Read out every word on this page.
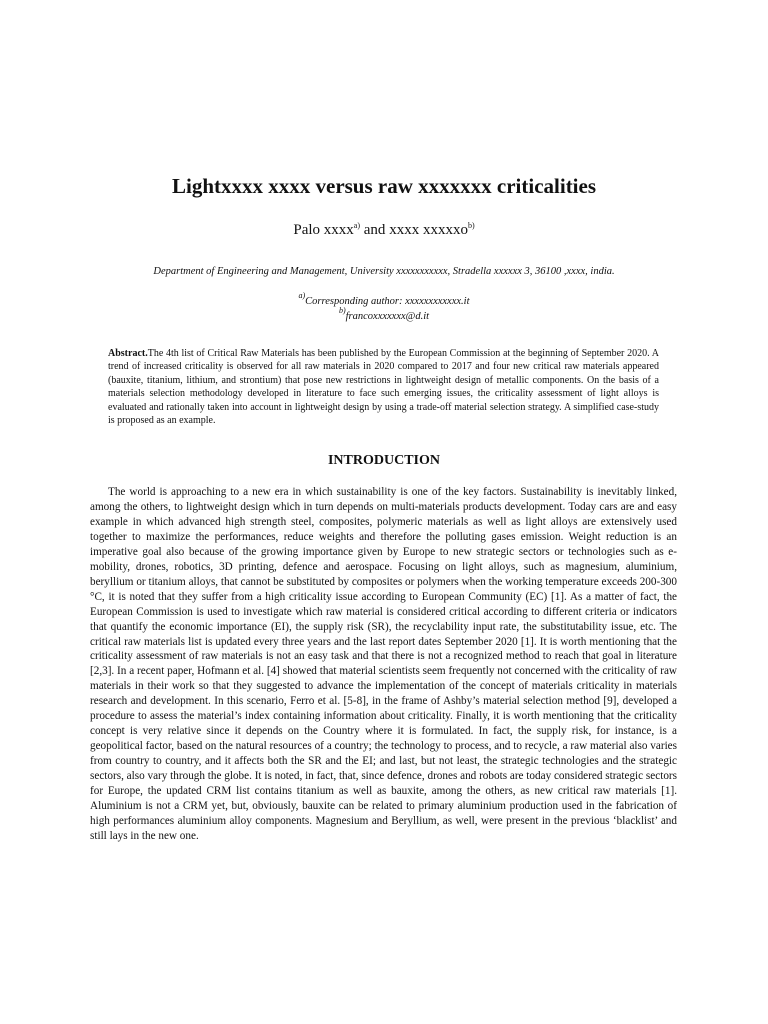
Lightxxxx xxxx versus raw xxxxxxx criticalities
Palo xxxx$^{a)}$ and xxxx xxxxxo$^{b)}$
Department of Engineering and Management, University xxxxxxxxxxx, Stradella xxxxxx 3, 36100 ,xxxx, india.
$^{a)}$Corresponding author: xxxxxxxxxxxx.it
$^{b)}$francoxxxxxxx@d.it
Abstract.The 4th list of Critical Raw Materials has been published by the European Commission at the beginning of September 2020. A trend of increased criticality is observed for all raw materials in 2020 compared to 2017 and four new critical raw materials appeared (bauxite, titanium, lithium, and strontium) that pose new restrictions in lightweight design of metallic components. On the basis of a materials selection methodology developed in literature to face such emerging issues, the criticality assessment of light alloys is evaluated and rationally taken into account in lightweight design by using a trade-off material selection strategy. A simplified case-study is proposed as an example.
INTRODUCTION

The world is approaching to a new era in which sustainability is one of the key factors. Sustainability is inevitably linked, among the others, to lightweight design which in turn depends on multi-materials products development. Today cars are and easy example in which advanced high strength steel, composites, polymeric materials as well as light alloys are extensively used together to maximize the performances, reduce weights and therefore the polluting gases emission. Weight reduction is an imperative goal also because of the growing importance given by Europe to new strategic sectors or technologies such as e-mobility, drones, robotics, 3D printing, defence and aerospace. Focusing on light alloys, such as magnesium, aluminium, beryllium or titanium alloys, that cannot be substituted by composites or polymers when the working temperature exceeds 200-300 °C, it is noted that they suffer from a high criticality issue according to European Community (EC) [1]. As a matter of fact, the European Commission is used to investigate which raw material is considered critical according to different criteria or indicators that quantify the economic importance (EI), the supply risk (SR), the recyclability input rate, the substitutability issue, etc. The critical raw materials list is updated every three years and the last report dates September 2020 [1]. It is worth mentioning that the criticality assessment of raw materials is not an easy task and that there is not a recognized method to reach that goal in literature [2,3]. In a recent paper, Hofmann et al. [4] showed that material scientists seem frequently not concerned with the criticality of raw materials in their work so that they suggested to advance the implementation of the concept of materials criticality in materials research and development. In this scenario, Ferro et al. [5-8], in the frame of Ashby’s material selection method [9], developed a procedure to assess the material’s index containing information about criticality. Finally, it is worth mentioning that the criticality concept is very relative since it depends on the Country where it is formulated. In fact, the supply risk, for instance, is a geopolitical factor, based on the natural resources of a country; the technology to process, and to recycle, a raw material also varies from country to country, and it affects both the SR and the EI; and last, but not least, the strategic technologies and the strategic sectors, also vary through the globe. It is noted, in fact, that, since defence, drones and robots are today considered strategic sectors for Europe, the updated CRM list contains titanium as well as bauxite, among the others, as new critical raw materials [1]. Aluminium is not a CRM yet, but, obviously, bauxite can be related to primary aluminium production used in the fabrication of high performances aluminium alloy components. Magnesium and Beryllium, as well, were present in the previous ‘blacklist’ and still lays in the new one.
